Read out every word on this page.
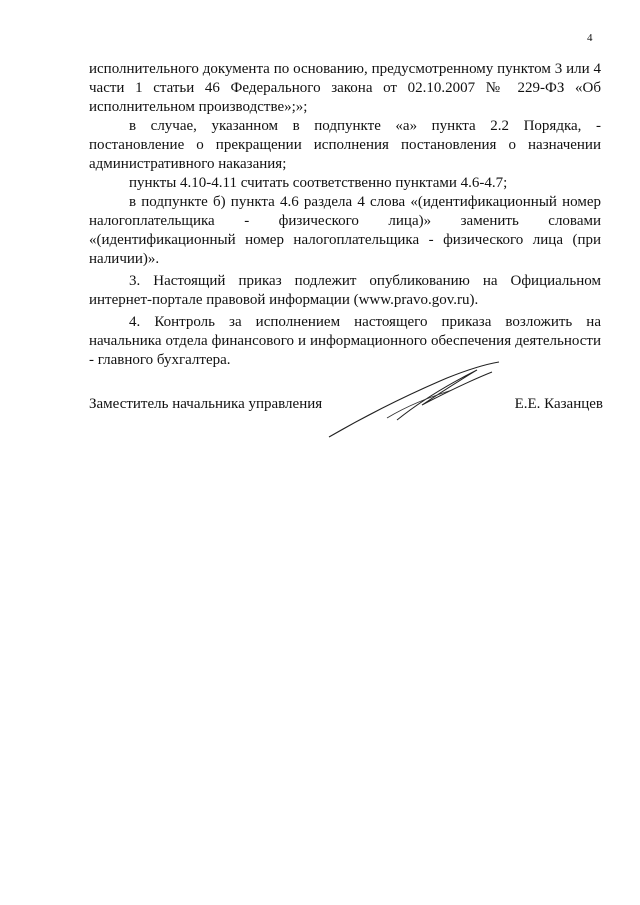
4

исполнительного документа по основанию, предусмотренному пунктом 3 или 4 части 1 статьи 46 Федерального закона от 02.10.2007 № 229-ФЗ «Об исполнительном производстве»;»;

в случае, указанном в подпункте «а» пункта 2.2 Порядка, - постановление о прекращении исполнения постановления о назначении административного наказания;

пункты 4.10-4.11 считать соответственно пунктами 4.6-4.7;

в подпункте б) пункта 4.6 раздела 4 слова «(идентификационный номер налогоплательщика - физического лица)» заменить словами «(идентификационный номер налогоплательщика - физического лица (при наличии)».

3. Настоящий приказ подлежит опубликованию на Официальном интернет-портале правовой информации (www.pravo.gov.ru).

4. Контроль за исполнением настоящего приказа возложить на начальника отдела финансового и информационного обеспечения деятельности - главного бухгалтера.

Заместитель начальника управления	Е.Е. Казанцев
